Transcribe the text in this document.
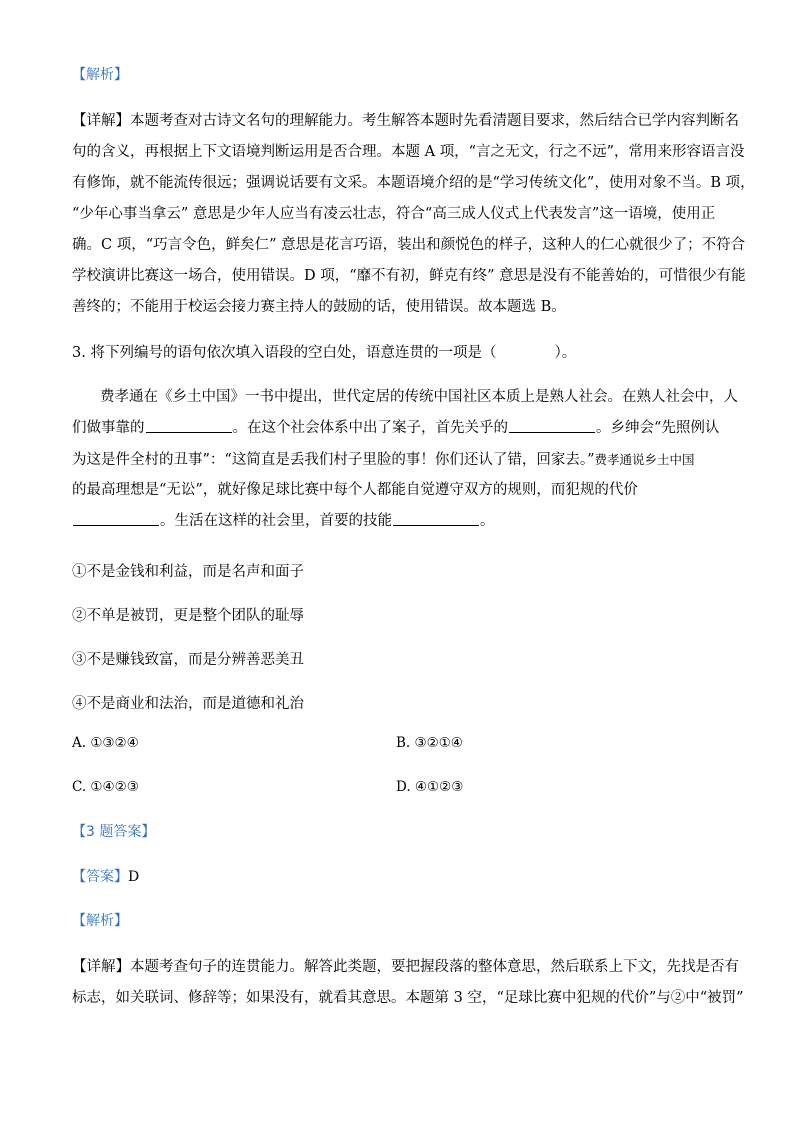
【解析】
【详解】本题考查对古诗文名句的理解能力。考生解答本题时先看清题目要求，然后结合已学内容判断名
句的含义，再根据上下文语境判断运用是否合理。本题 A 项，“言之无文，行之不远”，常用来形容语言没
有修饰，就不能流传很远；强调说话要有文采。本题语境介绍的是“学习传统文化”，使用对象不当。B 项，
“少年心事当拿云” 意思是少年人应当有凌云壮志，符合“高三成人仪式上代表发言”这一语境，使用正
确。C 项，“巧言令色，鲜矣仁” 意思是花言巧语，装出和颜悦色的样子，这种人的仁心就很少了；不符合
学校演讲比赛这一场合，使用错误。D 项，“靡不有初，鲜克有终” 意思是没有不能善始的，可惜很少有能
善终的；不能用于校运会接力赛主持人的鼓励的话，使用错误。故本题选 B。
3. 将下列编号的语句依次填入语段的空白处，语意连贯的一项是（　　　　）。
费孝通在《乡土中国》一书中提出，世代定居的传统中国社区本质上是熟人社会。在熟人社会中，人
们做事靠的	。在这个社会体系中出了案子，首先关乎的	。乡绅会“先照例认
为这是件全村的丑事”：“这简直是丢我们村子里脸的事！你们还认了错，回家去。”费孝通说乡土中国
的最高理想是“无讼”，就好像足球比赛中每个人都能自觉遵守双方的规则，而犯规的代价
。生活在这样的社会里，首要的技能	。
①不是金钱和利益，而是名声和面子
②不单是被罚，更是整个团队的耻辱
③不是赚钱致富，而是分辨善恶美丑
④不是商业和法治，而是道德和礼治
A. ①③②④	B. ③②①④
C. ①④②③	D. ④①②③
【3 题答案】
【答案】D
【解析】
【详解】本题考查句子的连贯能力。解答此类题，要把握段落的整体意思，然后联系上下文，先找是否有
标志，如关联词、修辞等；如果没有，就看其意思。本题第 3 空，“足球比赛中犯规的代价”与②中“被罚”
